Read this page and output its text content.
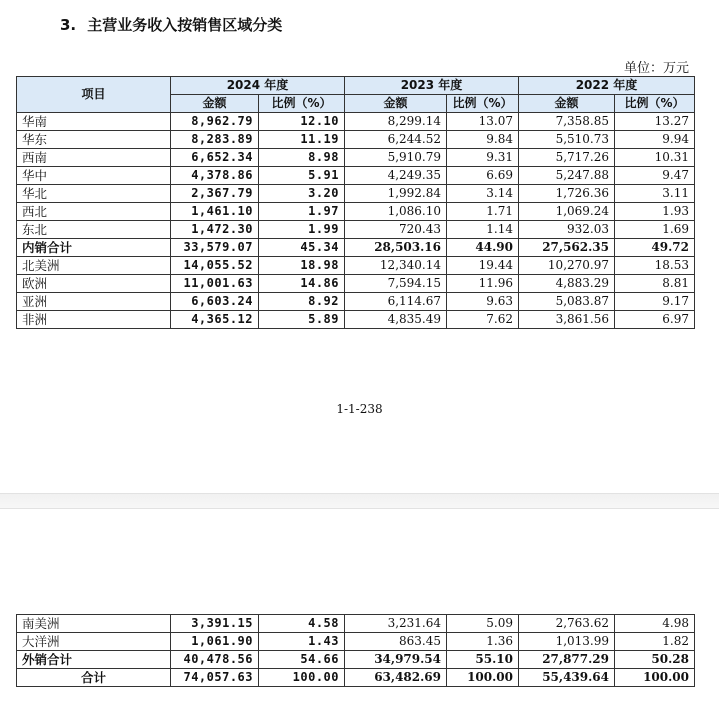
3. 主营业务收入按销售区域分类
单位：万元
项目	2024 年度		2023 年度		2022 年度	
	金额	比例（%）	金额	比例（%）	金额	比例（%）
华南	8,962.79	12.10	8,299.14	13.07	7,358.85	13.27
华东	8,283.89	11.19	6,244.52	9.84	5,510.73	9.94
西南	6,652.34	8.98	5,910.79	9.31	5,717.26	10.31
华中	4,378.86	5.91	4,249.35	6.69	5,247.88	9.47
华北	2,367.79	3.20	1,992.84	3.14	1,726.36	3.11
西北	1,461.10	1.97	1,086.10	1.71	1,069.24	1.93
东北	1,472.30	1.99	720.43	1.14	932.03	1.69
内销合计	33,579.07	45.34	28,503.16	44.90	27,562.35	49.72
北美洲	14,055.52	18.98	12,340.14	19.44	10,270.97	18.53
欧洲	11,001.63	14.86	7,594.15	11.96	4,883.29	8.81
亚洲	6,603.24	8.92	6,114.67	9.63	5,083.87	9.17
非洲	4,365.12	5.89	4,835.49	7.62	3,861.56	6.97
1-1-238
南美洲	3,391.15	4.58	3,231.64	5.09	2,763.62	4.98
大洋洲	1,061.90	1.43	863.45	1.36	1,013.99	1.82
外销合计	40,478.56	54.66	34,979.54	55.10	27,877.29	50.28
合计	74,057.63	100.00	63,482.69	100.00	55,439.64	100.00
